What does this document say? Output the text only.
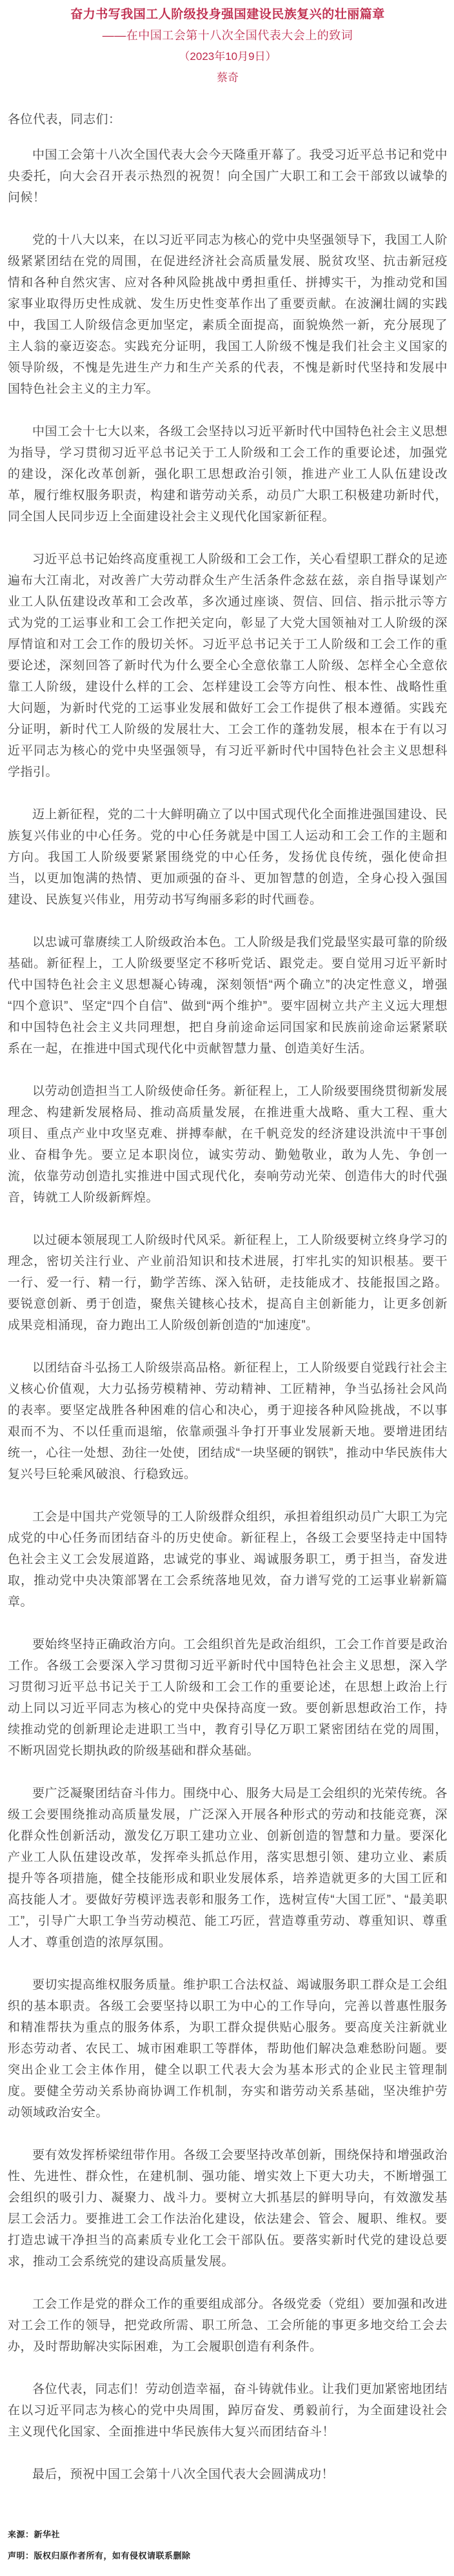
奋力书写我国工人阶级投身强国建设民族复兴的壮丽篇章
——在中国工会第十八次全国代表大会上的致词
（2023年10月9日）
蔡奇

各位代表，同志们：

中国工会第十八次全国代表大会今天隆重开幕了。我受习近平总书记和党中央委托，向大会召开表示热烈的祝贺！向全国广大职工和工会干部致以诚挚的问候！

党的十八大以来，在以习近平同志为核心的党中央坚强领导下，我国工人阶级紧紧团结在党的周围，在促进经济社会高质量发展、脱贫攻坚、抗击新冠疫情和各种自然灾害、应对各种风险挑战中勇担重任、拼搏实干，为推动党和国家事业取得历史性成就、发生历史性变革作出了重要贡献。在波澜壮阔的实践中，我国工人阶级信念更加坚定，素质全面提高，面貌焕然一新，充分展现了主人翁的豪迈姿态。实践充分证明，我国工人阶级不愧是我们社会主义国家的领导阶级，不愧是先进生产力和生产关系的代表，不愧是新时代坚持和发展中国特色社会主义的主力军。

中国工会十七大以来，各级工会坚持以习近平新时代中国特色社会主义思想为指导，学习贯彻习近平总书记关于工人阶级和工会工作的重要论述，加强党的建设，深化改革创新，强化职工思想政治引领，推进产业工人队伍建设改革，履行维权服务职责，构建和谐劳动关系，动员广大职工积极建功新时代，同全国人民同步迈上全面建设社会主义现代化国家新征程。

习近平总书记始终高度重视工人阶级和工会工作，关心看望职工群众的足迹遍布大江南北，对改善广大劳动群众生产生活条件念兹在兹，亲自指导谋划产业工人队伍建设改革和工会改革，多次通过座谈、贺信、回信、指示批示等方式为党的工运事业和工会工作把关定向，彰显了大党大国领袖对工人阶级的深厚情谊和对工会工作的殷切关怀。习近平总书记关于工人阶级和工会工作的重要论述，深刻回答了新时代为什么要全心全意依靠工人阶级、怎样全心全意依靠工人阶级，建设什么样的工会、怎样建设工会等方向性、根本性、战略性重大问题，为新时代党的工运事业发展和做好工会工作提供了根本遵循。实践充分证明，新时代工人阶级的发展壮大、工会工作的蓬勃发展，根本在于有以习近平同志为核心的党中央坚强领导，有习近平新时代中国特色社会主义思想科学指引。

迈上新征程，党的二十大鲜明确立了以中国式现代化全面推进强国建设、民族复兴伟业的中心任务。党的中心任务就是中国工人运动和工会工作的主题和方向。我国工人阶级要紧紧围绕党的中心任务，发扬优良传统，强化使命担当，以更加饱满的热情、更加顽强的奋斗、更加智慧的创造，全身心投入强国建设、民族复兴伟业，用劳动书写绚丽多彩的时代画卷。

以忠诚可靠赓续工人阶级政治本色。工人阶级是我们党最坚实最可靠的阶级基础。新征程上，工人阶级要坚定不移听党话、跟党走。要自觉用习近平新时代中国特色社会主义思想凝心铸魂，深刻领悟“两个确立”的决定性意义，增强“四个意识”、坚定“四个自信”、做到“两个维护”。要牢固树立共产主义远大理想和中国特色社会主义共同理想，把自身前途命运同国家和民族前途命运紧紧联系在一起，在推进中国式现代化中贡献智慧力量、创造美好生活。

以劳动创造担当工人阶级使命任务。新征程上，工人阶级要围绕贯彻新发展理念、构建新发展格局、推动高质量发展，在推进重大战略、重大工程、重大项目、重点产业中攻坚克难、拼搏奉献，在千帆竞发的经济建设洪流中干事创业、奋楫争先。要立足本职岗位，诚实劳动、勤勉敬业，敢为人先、争创一流，依靠劳动创造扎实推进中国式现代化，奏响劳动光荣、创造伟大的时代强音，铸就工人阶级新辉煌。

以过硬本领展现工人阶级时代风采。新征程上，工人阶级要树立终身学习的理念，密切关注行业、产业前沿知识和技术进展，打牢扎实的知识根基。要干一行、爱一行、精一行，勤学苦练、深入钻研，走技能成才、技能报国之路。要锐意创新、勇于创造，聚焦关键核心技术，提高自主创新能力，让更多创新成果竞相涌现，奋力跑出工人阶级创新创造的“加速度”。

以团结奋斗弘扬工人阶级崇高品格。新征程上，工人阶级要自觉践行社会主义核心价值观，大力弘扬劳模精神、劳动精神、工匠精神，争当弘扬社会风尚的表率。要坚定战胜各种困难的信心和决心，勇于迎接各种风险挑战，不以事艰而不为、不以任重而退缩，依靠顽强斗争打开事业发展新天地。要增进团结统一，心往一处想、劲往一处使，团结成“一块坚硬的钢铁”，推动中华民族伟大复兴号巨轮乘风破浪、行稳致远。

工会是中国共产党领导的工人阶级群众组织，承担着组织动员广大职工为完成党的中心任务而团结奋斗的历史使命。新征程上，各级工会要坚持走中国特色社会主义工会发展道路，忠诚党的事业、竭诚服务职工，勇于担当，奋发进取，推动党中央决策部署在工会系统落地见效，奋力谱写党的工运事业崭新篇章。

要始终坚持正确政治方向。工会组织首先是政治组织，工会工作首要是政治工作。各级工会要深入学习贯彻习近平新时代中国特色社会主义思想，深入学习贯彻习近平总书记关于工人阶级和工会工作的重要论述，在思想上政治上行动上同以习近平同志为核心的党中央保持高度一致。要创新思想政治工作，持续推动党的创新理论走进职工当中，教育引导亿万职工紧密团结在党的周围，不断巩固党长期执政的阶级基础和群众基础。

要广泛凝聚团结奋斗伟力。围绕中心、服务大局是工会组织的光荣传统。各级工会要围绕推动高质量发展，广泛深入开展各种形式的劳动和技能竞赛，深化群众性创新活动，激发亿万职工建功立业、创新创造的智慧和力量。要深化产业工人队伍建设改革，发挥牵头抓总作用，落实思想引领、建功立业、素质提升等各项措施，健全技能形成和职业发展体系，培养造就更多的大国工匠和高技能人才。要做好劳模评选表彰和服务工作，选树宣传“大国工匠”、“最美职工”，引导广大职工争当劳动模范、能工巧匠，营造尊重劳动、尊重知识、尊重人才、尊重创造的浓厚氛围。

要切实提高维权服务质量。维护职工合法权益、竭诚服务职工群众是工会组织的基本职责。各级工会要坚持以职工为中心的工作导向，完善以普惠性服务和精准帮扶为重点的服务体系，为职工群众提供贴心服务。要高度关注新就业形态劳动者、农民工、城市困难职工等群体，帮助他们解决急难愁盼问题。要突出企业工会主体作用，健全以职工代表大会为基本形式的企业民主管理制度。要健全劳动关系协商协调工作机制，夯实和谐劳动关系基础，坚决维护劳动领域政治安全。

要有效发挥桥梁纽带作用。各级工会要坚持改革创新，围绕保持和增强政治性、先进性、群众性，在建机制、强功能、增实效上下更大功夫，不断增强工会组织的吸引力、凝聚力、战斗力。要树立大抓基层的鲜明导向，有效激发基层工会活力。要推进工会工作法治化建设，依法建会、管会、履职、维权。要打造忠诚干净担当的高素质专业化工会干部队伍。要落实新时代党的建设总要求，推动工会系统党的建设高质量发展。

工会工作是党的群众工作的重要组成部分。各级党委（党组）要加强和改进对工会工作的领导，把党政所需、职工所急、工会所能的事更多地交给工会去办，及时帮助解决实际困难，为工会履职创造有利条件。

各位代表，同志们！劳动创造幸福，奋斗铸就伟业。让我们更加紧密地团结在以习近平同志为核心的党中央周围，踔厉奋发、勇毅前行，为全面建设社会主义现代化国家、全面推进中华民族伟大复兴而团结奋斗！

最后，预祝中国工会第十八次全国代表大会圆满成功！

来源：新华社
声明：版权归原作者所有，如有侵权请联系删除
